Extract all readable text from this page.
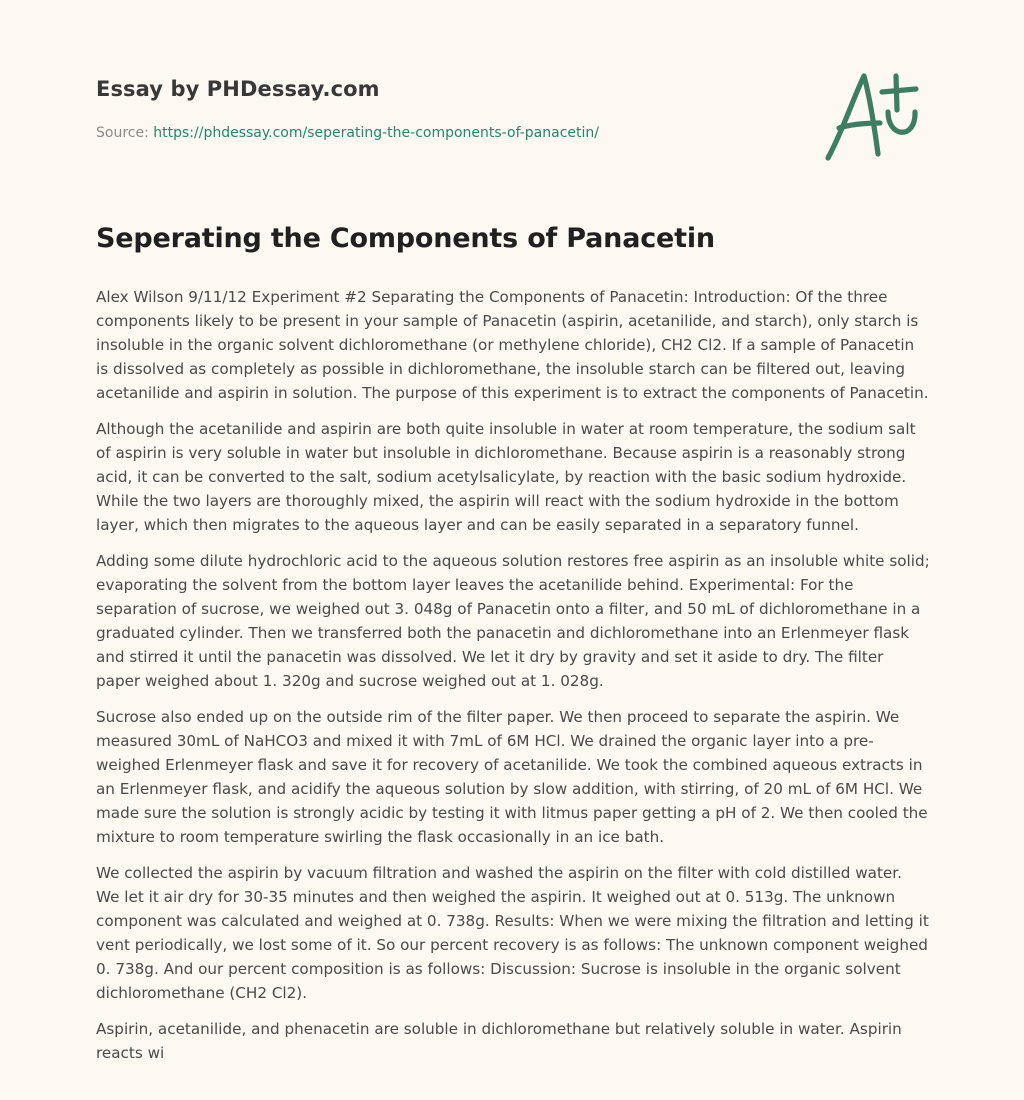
Essay by PHDessay.com
Source: https://phdessay.com/seperating-the-components-of-panacetin/
Seperating the Components of Panacetin

Alex Wilson 9/11/12 Experiment #2 Separating the Components of Panacetin: Introduction: Of the three components likely to be present in your sample of Panacetin (aspirin, acetanilide, and starch), only starch is insoluble in the organic solvent dichloromethane (or methylene chloride), CH2 Cl2. If a sample of Panacetin is dissolved as completely as possible in dichloromethane, the insoluble starch can be filtered out, leaving acetanilide and aspirin in solution. The purpose of this experiment is to extract the components of Panacetin.

Although the acetanilide and aspirin are both quite insoluble in water at room temperature, the sodium salt of aspirin is very soluble in water but insoluble in dichloromethane. Because aspirin is a reasonably strong acid, it can be converted to the salt, sodium acetylsalicylate, by reaction with the basic sodium hydroxide. While the two layers are thoroughly mixed, the aspirin will react with the sodium hydroxide in the bottom layer, which then migrates to the aqueous layer and can be easily separated in a separatory funnel.

Adding some dilute hydrochloric acid to the aqueous solution restores free aspirin as an insoluble white solid; evaporating the solvent from the bottom layer leaves the acetanilide behind. Experimental: For the separation of sucrose, we weighed out 3. 048g of Panacetin onto a filter, and 50 mL of dichloromethane in a graduated cylinder. Then we transferred both the panacetin and dichloromethane into an Erlenmeyer flask and stirred it until the panacetin was dissolved. We let it dry by gravity and set it aside to dry. The filter paper weighed about 1. 320g and sucrose weighed out at 1. 028g.

Sucrose also ended up on the outside rim of the filter paper. We then proceed to separate the aspirin. We measured 30mL of NaHCO3 and mixed it with 7mL of 6M HCl. We drained the organic layer into a pre-weighed Erlenmeyer flask and save it for recovery of acetanilide. We took the combined aqueous extracts in an Erlenmeyer flask, and acidify the aqueous solution by slow addition, with stirring, of 20 mL of 6M HCl. We made sure the solution is strongly acidic by testing it with litmus paper getting a pH of 2. We then cooled the mixture to room temperature swirling the flask occasionally in an ice bath.

We collected the aspirin by vacuum filtration and washed the aspirin on the filter with cold distilled water. We let it air dry for 30-35 minutes and then weighed the aspirin. It weighed out at 0. 513g. The unknown component was calculated and weighed at 0. 738g. Results: When we were mixing the filtration and letting it vent periodically, we lost some of it. So our percent recovery is as follows: The unknown component weighed 0. 738g. And our percent composition is as follows: Discussion: Sucrose is insoluble in the organic solvent dichloromethane (CH2 Cl2).

Aspirin, acetanilide, and phenacetin are soluble in dichloromethane but relatively soluble in water. Aspirin reacts wi
